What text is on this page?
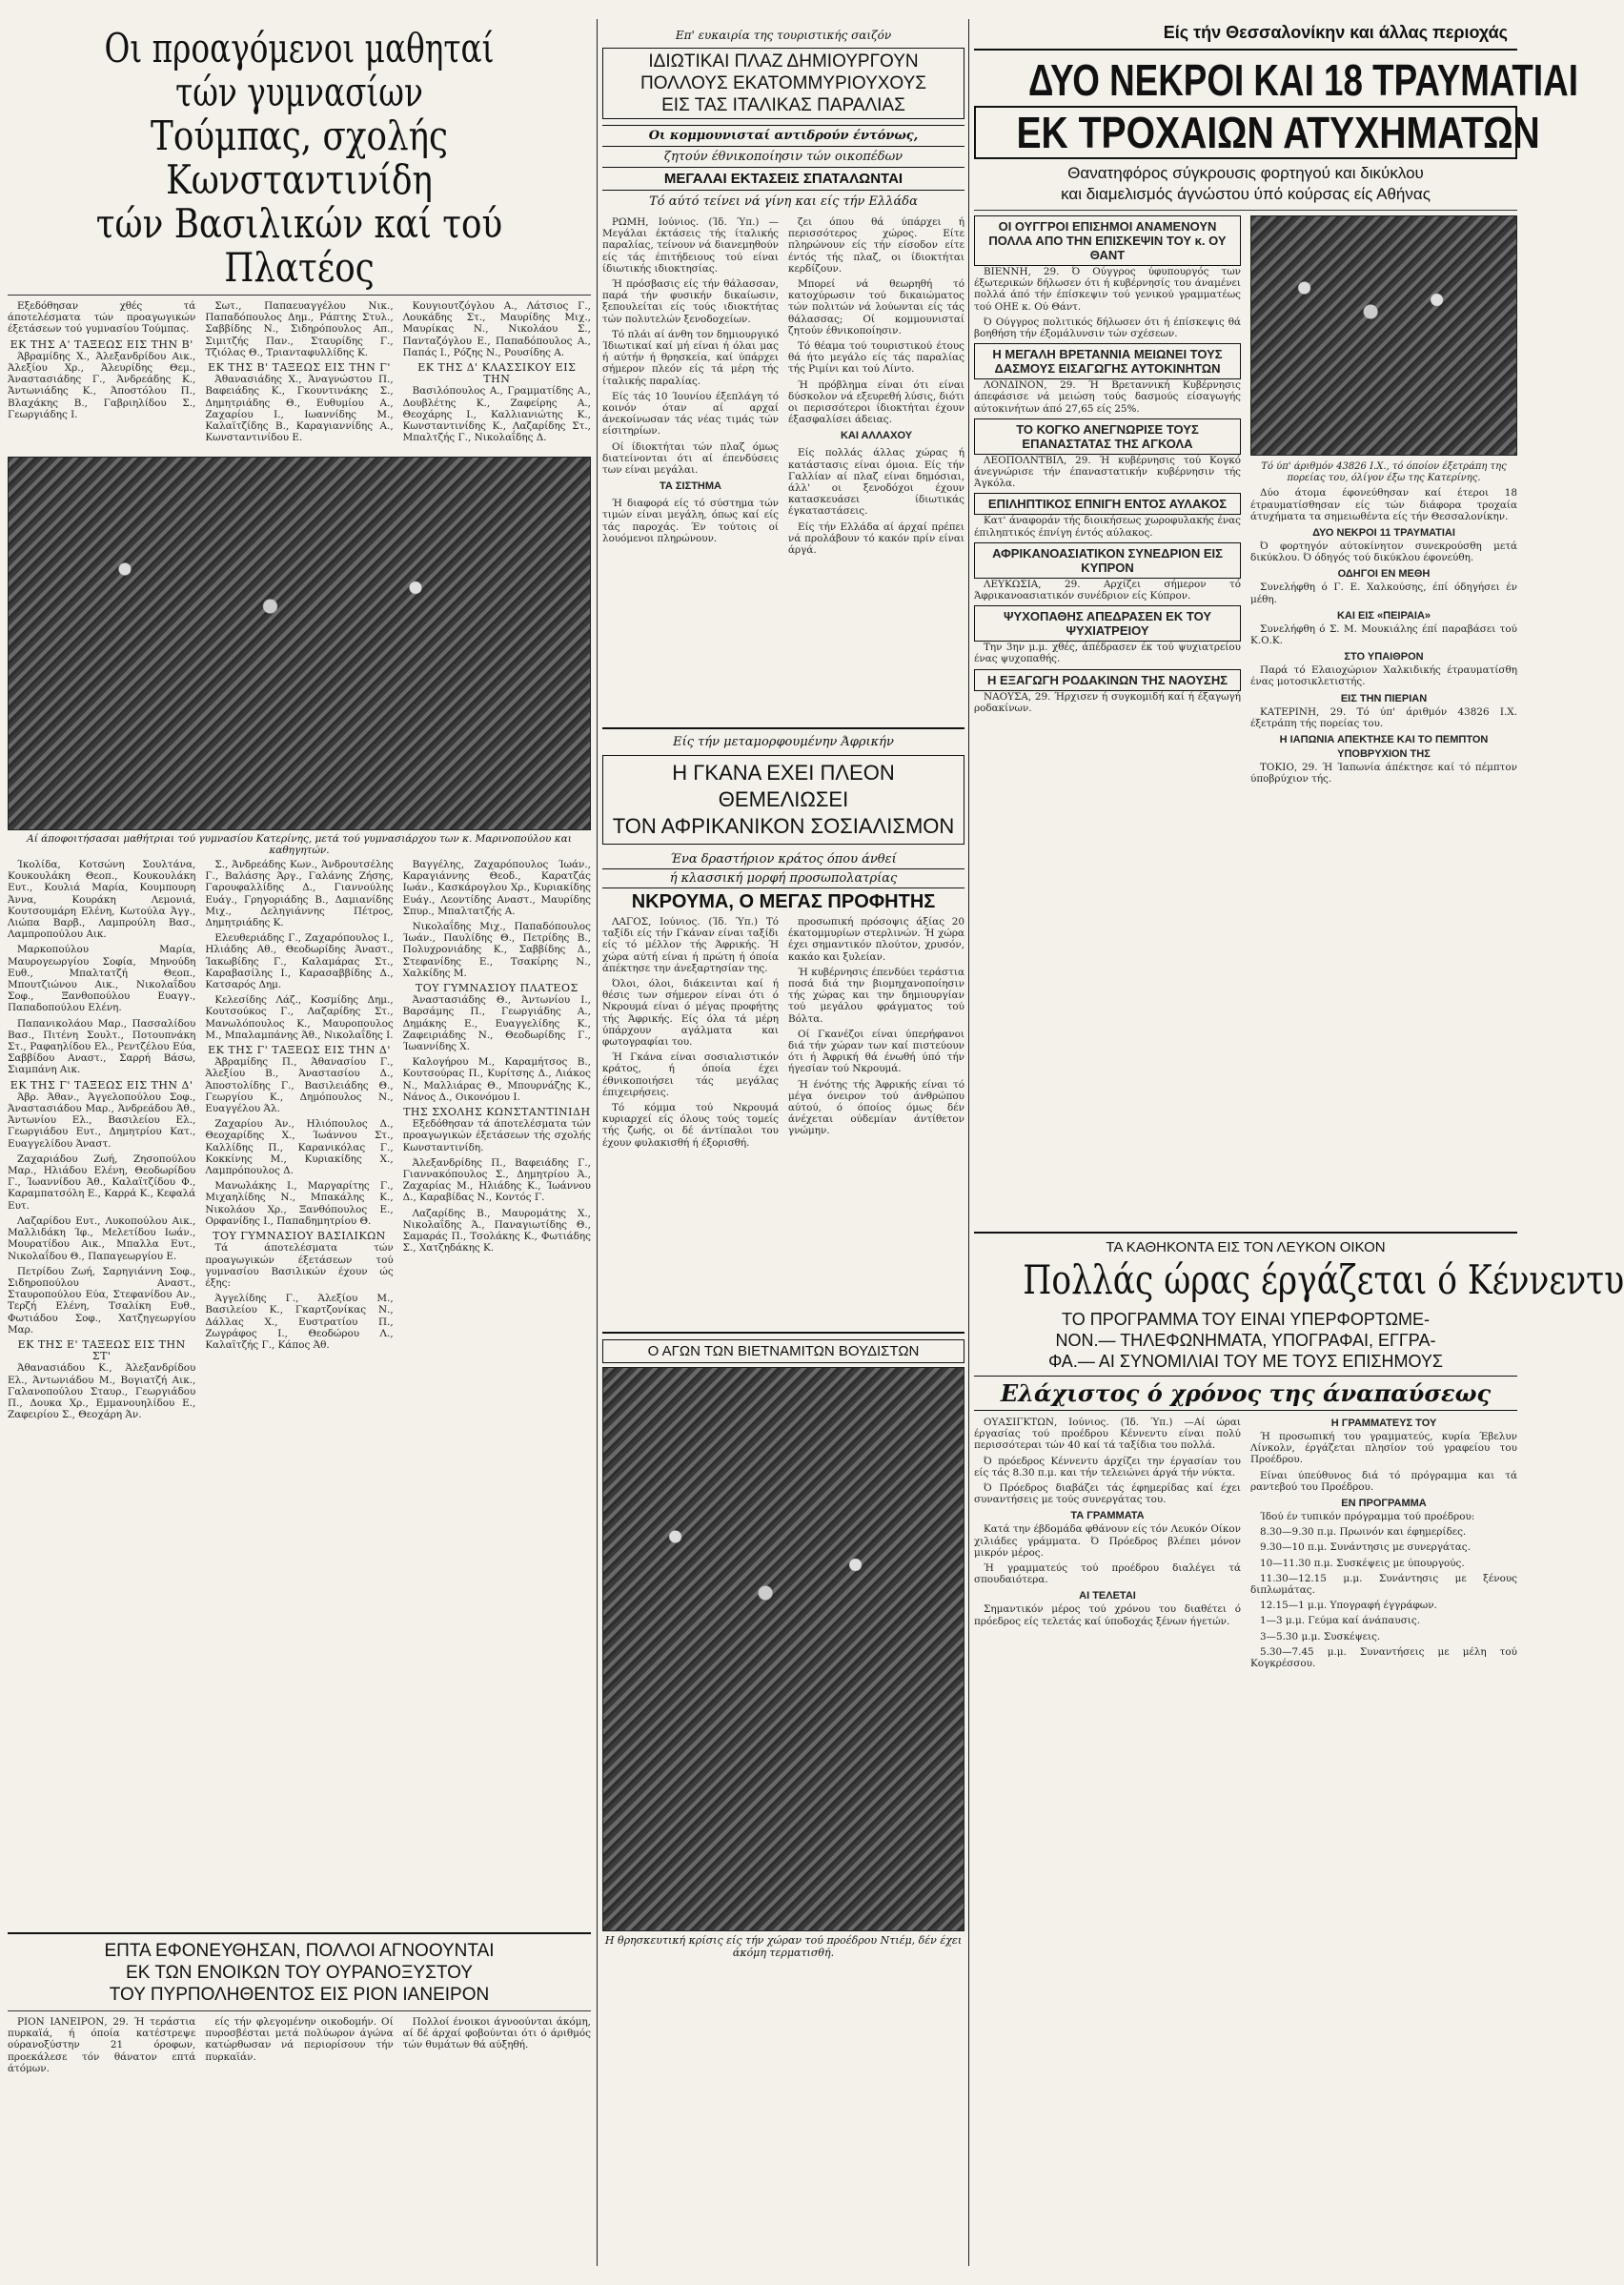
Οι προαγόμενοι μαθηταί τών γυμνασίων
Τούμπας, σχολής Κωνσταντινίδη
τών Βασιλικών καί τού Πλατέος

Εξεδόθησαν χθές τά άποτελέσματα τών προαγωγικών έξετάσεων τού γυμνασίου Τούμπας.

ΕΚ ΤΗΣ Α' ΤΑΞΕΩΣ ΕΙΣ ΤΗΝ Β'

Άβραμίδης Χ., Άλεξανδρίδου Αικ., Άλεξίου Χρ., Άλευρίδης Θεμ., Άναστασιάδης Γ., Άνδρεάδης Κ., Άντωνιάδης Κ., Άποστόλου Π., Βλαχάκης Β., Γαβριηλίδου Σ., Γεωργιάδης Ι.

Σωτ., Παπαευαγγέλου Νικ., Παπαδόπουλος Δημ., Ράπτης Στυλ., Σαββίδης Ν., Σιδηρόπουλος Απ., Σιμιτζής Παν., Σταυρίδης Γ., Τζιόλας Θ., Τριανταφυλλίδης Κ.

ΕΚ ΤΗΣ Β' ΤΑΞΕΩΣ ΕΙΣ ΤΗΝ Γ'

Άθανασιάδης Χ., Άναγνώστου Π., Βαφειάδης Κ., Γκουντινάκης Σ., Δημητριάδης Θ., Ευθυμίου Α., Ζαχαρίου Ι., Ιωαννίδης Μ., Καλαϊτζίδης Β., Καραγιαννίδης Α., Κωνσταντινίδου Ε.

Κουγιουτζόγλου Α., Λάτσιος Γ., Λουκάδης Στ., Μαυρίδης Μιχ., Μαυρίκας Ν., Νικολάου Σ., Πανταζόγλου Ε., Παπαδόπουλος Α., Παπάς Ι., Ρόζης Ν., Ρουσίδης Α.

ΕΚ ΤΗΣ Δ' ΚΛΑΣΣΙΚΟΥ ΕΙΣ ΤΗΝ

Βασιλόπουλος Α., Γραμματίδης Α., Δουβλέτης Κ., Ζαφείρης Α., Θεοχάρης Ι., Καλλιανιώτης Κ., Κωνσταντινίδης Κ., Λαζαρίδης Στ., Μπαλτζής Γ., Νικολαΐδης Δ.

Αί άποφοιτήσασαι μαθήτριαι τού γυμνασίου Κατερίνης, μετά τού γυμνασιάρχου των κ. Μαρινοπούλου και καθηγητών.

Ίκολίδα, Κοτσώνη Σουλτάνα, Κουκουλάκη Θεοπ., Κουκουλάκη Ευτ., Κουλιά Μαρία, Κουμπουρη Άννα, Κουράκη Λεμονιά, Κουτσουμάρη Ελένη, Κωτούλα Άγγ., Λιώπα Βαρβ., Λαμπρούλη Βασ., Λαμπροπούλου Αικ.

Μαρκοπούλου Μαρία, Μαυρογεωργίου Σοφία, Μηνούδη Ευθ., Μπαλτατζή Θεοπ., Μπουτζιώνου Αικ., Νικολαΐδου Σοφ., Ξανθοπούλου Ευαγγ., Παπαδοπούλου Ελένη.

Παπανικολάου Μαρ., Πασσαλίδου Βασ., Πιτένη Σουλτ., Ποτουπνάκη Στ., Ραφαηλίδου Ελ., Ρεντζέλου Εύα, Σαββίδου Αναστ., Σαρρή Βάσω, Σιαμπάνη Αικ.

ΕΚ ΤΗΣ Γ' ΤΑΞΕΩΣ ΕΙΣ ΤΗΝ Δ'

Άβρ. Άθαν., Άγγελοπούλου Σοφ., Άναστασιάδου Μαρ., Άνδρεάδου Άθ., Άντωνίου Ελ., Βασιλείου Ελ., Γεωργιάδου Ευτ., Δημητρίου Κατ., Ευαγγελίδου Άναστ.

Ζαχαριάδου Ζωή, Ζησοπούλου Μαρ., Ηλιάδου Ελένη, Θεοδωρίδου Γ., Ίωαννίδου Άθ., Καλαϊτζίδου Φ., Καραμπατσόλη Ε., Καρρά Κ., Κεφαλά Ευτ.

Λαζαρίδου Ευτ., Λυκοπούλου Αικ., Μαλλιδάκη Ίφ., Μελετίδου Ιωάν., Μουρατίδου Αικ., Μπαλλα Ευτ., Νικολαΐδου Θ., Παπαγεωργίου Ε.

Πετρίδου Ζωή, Σαρηγιάννη Σοφ., Σιδηροπούλου Αναστ., Σταυροπούλου Εύα, Στεφανίδου Αν., Τερζή Ελένη, Τσαλίκη Ευθ., Φωτιάδου Σοφ., Χατζηγεωργίου Μαρ.

ΕΚ ΤΗΣ Ε' ΤΑΞΕΩΣ ΕΙΣ ΤΗΝ ΣΤ'

Άθανασιάδου Κ., Άλεξανδρίδου Ελ., Άντωνιάδου Μ., Βογιατζή Αικ., Γαλανοπούλου Σταυρ., Γεωργιάδου Π., Δουκα Χρ., Εμμανουηλίδου Ε., Ζαφειρίου Σ., Θεοχάρη Άν.

Σ., Άνδρεάδης Κων., Άνδρουτσέλης Γ., Βαλάσης Άργ., Γαλάνης Ζήσης, Γαρουφαλλίδης Δ., Γιαννούλης Ευάγ., Γρηγοριάδης Β., Δαμιανίδης Μιχ., Δεληγιάννης Πέτρος, Δημητριάδης Κ.

Ελευθεριάδης Γ., Ζαχαρόπουλος Ι., Ηλιάδης Αθ., Θεοδωρίδης Άναστ., Ίακωβίδης Γ., Καλαμάρας Στ., Καραβασίλης Ι., Καρασαββίδης Δ., Κατσαρός Δημ.

Κελεσίδης Λάζ., Κοσμίδης Δημ., Κουτσούκος Γ., Λαζαρίδης Στ., Μανωλόπουλος Κ., Μαυροπουλος Μ., Μπαλαμπάνης Άθ., Νικολαΐδης Ι.

ΕΚ ΤΗΣ Γ' ΤΑΞΕΩΣ ΕΙΣ ΤΗΝ Δ'

Άβραμίδης Π., Άθανασίου Γ., Άλεξίου Β., Άναστασίου Δ., Άποστολίδης Γ., Βασιλειάδης Θ., Γεωργίου Κ., Δημόπουλος Ν., Ευαγγέλου Άλ.

Ζαχαρίου Άν., Ηλιόπουλος Δ., Θεοχαρίδης Χ., Ίωάννου Στ., Καλλίδης Π., Καρανικόλας Γ., Κοκκίνης Μ., Κυριακίδης Χ., Λαμπρόπουλος Δ.

Μανωλάκης Ι., Μαργαρίτης Γ., Μιχαηλίδης Ν., Μπακάλης Κ., Νικολάου Χρ., Ξανθόπουλος Ε., Ορφανίδης Ι., Παπαδημητρίου Θ.

ΤΟΥ ΓΥΜΝΑΣΙΟΥ ΒΑΣΙΛΙΚΩΝ

Τά άποτελέσματα τών προαγωγικών έξετάσεων τού γυμνασίου Βασιλικών έχουν ώς έξης:

Άγγελίδης Γ., Άλεξίου Μ., Βασιλείου Κ., Γκαρτζονίκας Ν., Δάλλας Χ., Ευστρατίου Π., Ζωγράφος Ι., Θεοδώρου Λ., Καλαϊτζής Γ., Κάπος Άθ.

Βαγγέλης, Ζαχαρόπουλος Ίωάν., Καραγιάννης Θεοδ., Καρατζάς Ιωάν., Κασκάρογλου Χρ., Κυριακίδης Ευάγ., Λεοντίδης Αναστ., Μαυρίδης Σπυρ., Μπαλτατζής Α.

Νικολαΐδης Μιχ., Παπαδόπουλος Ίωάν., Παυλίδης Θ., Πετρίδης Β., Πολυχρονιάδης Κ., Σαββίδης Δ., Στεφανίδης Ε., Τσακίρης Ν., Χαλκίδης Μ.

ΤΟΥ ΓΥΜΝΑΣΙΟΥ ΠΛΑΤΕΟΣ

Άναστασιάδης Θ., Άντωνίου Ι., Βαρσάμης Π., Γεωργιάδης Α., Δημάκης Ε., Ευαγγελίδης Κ., Ζαφειριάδης Ν., Θεοδωρίδης Γ., Ίωαννίδης Χ.

Καλογήρου Μ., Καραμήτσος Β., Κουτσούρας Π., Κυρίτσης Δ., Λιάκος Ν., Μαλλιάρας Θ., Μπουρνάζης Κ., Νάνος Δ., Οικονόμου Ι.

ΤΗΣ ΣΧΟΛΗΣ ΚΩΝΣΤΑΝΤΙΝΙΔΗ

Εξεδόθησαν τά άποτελέσματα τών προαγωγικών έξετάσεων τής σχολής Κωνσταντινίδη.

Άλεξανδρίδης Π., Βαφειάδης Γ., Γιαννακόπουλος Σ., Δημητρίου Ά., Ζαχαρίας Μ., Ηλιάδης Κ., Ίωάννου Δ., Καραβίδας Ν., Κοντός Γ.

Λαζαρίδης Β., Μαυρομάτης Χ., Νικολαΐδης Ά., Παναγιωτίδης Θ., Σαμαράς Π., Τσολάκης Κ., Φωτιάδης Σ., Χατζηδάκης Κ.

ΕΠΤΑ ΕΦΟΝΕΥΘΗΣΑΝ, ΠΟΛΛΟΙ ΑΓΝΟΟΥΝΤΑΙ
ΕΚ ΤΩΝ ΕΝΟΙΚΩΝ ΤΟΥ ΟΥΡΑΝΟΞΥΣΤΟΥ
ΤΟΥ ΠΥΡΠΟΛΗΘΕΝΤΟΣ ΕΙΣ ΡΙΟΝ ΙΑΝΕΙΡΟΝ

ΡΙΟΝ ΙΑΝΕΙΡΟΝ, 29. Ή τεράστια πυρκαϊά, ή όποία κατέστρεψε ούρανοξύστην 21 όροφων, προεκάλεσε τόν θάνατον επτά άτόμων.

είς τήν φλεγομένην οικοδομήν. Οί πυροσβέσται μετά πολύωρον άγώνα κατώρθωσαν νά περιορίσουν τήν πυρκαϊάν.

Πολλοί ένοικοι άγνοούνται άκόμη, αί δέ άρχαί φοβούνται ότι ό άριθμός τών θυμάτων θά αύξηθή.

Επ' ευκαιρία της τουριστικής σαιζόν
ΙΔΙΩΤΙΚΑΙ ΠΛΑΖ ΔΗΜΙΟΥΡΓΟΥΝ
ΠΟΛΛΟΥΣ ΕΚΑΤΟΜΜΥΡΙΟΥΧΟΥΣ
ΕΙΣ ΤΑΣ ΙΤΑΛΙΚΑΣ ΠΑΡΑΛΙΑΣ
Οι κομμουνισταί αντιδρούν έντόνως,
ζητούν έθνικοποίησιν τών οικοπέδων
ΜΕΓΑΛΑΙ ΕΚΤΑΣΕΙΣ ΣΠΑΤΑΛΩΝΤΑΙ
Τό αύτό τείνει νά γίνη και είς τήν Ελλάδα

ΡΩΜΗ, Ιούνιος. (Ίδ. Ύπ.) —Μεγάλαι έκτάσεις τής ίταλικής παραλίας, τείνουν νά διανεμηθούν είς τάς έπιτήδειους τού είναι ίδιωτικής ιδιοκτησίας.

Ή πρόσβασις είς τήν θάλασσαν, παρά τήν φυσικήν δικαίωσιν, ξεπουλείται είς τούς ιδιοκτήτας τών πολυτελών ξενοδοχείων.

Τό πλάι αί άνθη τον δημιουργικό Ίδιωτικαί καί μή είναι ή όλαι μας ή αύτήν ή θρησκεία, καί ύπάρχει σήμερον πλεόν είς τά μέρη τής ίταλικής παραλίας.

Είς τάς 10 Ίουνίου έξεπλάγη τό κοινόν όταν αί αρχαί άνεκοίνωσαν τάς νέας τιμάς τών είσιτηρίων.

Οί ίδιοκτήται τών πλαζ όμως διατείνονται ότι αί έπενδύσεις των είναι μεγάλαι.

ΤΑ ΣΙΣΤΗΜΑ

Ή διαφορά είς τό σύστημα τών τιμών είναι μεγάλη, όπως καί είς τάς παροχάς. Έν τούτοις οί λουόμενοι πληρώνουν.

ζει όπου θά ύπάρχει ή περισσότερος χώρος. Είτε πληρώνουν είς τήν είσοδον είτε έντός τής πλαζ, οι ίδιοκτήται κερδίζουν.

Μπορεί νά θεωρηθή τό κατοχύρωσιν τού δικαιώματος τών πολιτών νά λούωνται είς τάς θάλασσας; Οί κομμουνισταί ζητούν έθνικοποίησιν.

Τό θέαμα τού τουριστικού έτους θά ήτο μεγάλο είς τάς παραλίας τής Ριμίνι και τού Λίντο.

Ή πρόβλημα είναι ότι είναι δύσκολον νά εξευρεθή λύσις, διότι οι περισσότεροι ίδιοκτήται έχουν έξασφαλίσει άδειας.

ΚΑΙ ΑΛΛΑΧΟΥ

Είς πολλάς άλλας χώρας ή κατάστασις είναι όμοια. Είς τήν Γαλλίαν αί πλαζ είναι δημόσιαι, άλλ' οι ξενοδόχοι έχουν κατασκευάσει ίδιωτικάς έγκαταστάσεις.

Είς τήν Ελλάδα αί άρχαί πρέπει νά προλάβουν τό κακόν πρίν είναι άργά.

Είς τήν μεταμορφουμένην Άφρικήν
Η ΓΚΑΝΑ ΕΧΕΙ ΠΛΕΟΝ ΘΕΜΕΛΙΩΣΕΙ
ΤΟΝ ΑΦΡΙΚΑΝΙΚΟΝ ΣΟΣΙΑΛΙΣΜΟΝ
Ένα δραστήριον κράτος όπου άνθεί
ή κλασσική μορφή προσωπολατρίας
ΝΚΡΟΥΜΑ, Ο ΜΕΓΑΣ ΠΡΟΦΗΤΗΣ

ΛΑΓΟΣ, Ιούνιος. (Ίδ. Ύπ.) Τό ταξίδι είς τήν Γκάναν είναι ταξίδι είς τό μέλλον τής Άφρικής. Ή χώρα αύτή είναι ή πρώτη ή όποία άπέκτησε την άνεξαρτησίαν της.

Όλοι, όλοι, διάκεινται καί ή θέσις των σήμερον είναι ότι ό Νκρουμά είναι ό μέγας προφήτης τής Άφρικής. Είς όλα τά μέρη ύπάρχουν αγάλματα και φωτογραφίαι του.

Ή Γκάνα είναι σοσιαλιστικόν κράτος, ή όποία έχει έθνικοποιήσει τάς μεγάλας έπιχειρήσεις.

Τό κόμμα τού Νκρουμά κυριαρχεί είς όλους τούς τομείς τής ζωής, οι δέ άντίπαλοι του έχουν φυλακισθή ή έξορισθή.

προσωπική πρόσοψις άξίας 20 έκατομμυρίων στερλινών. Ή χώρα έχει σημαντικόν πλούτον, χρυσόν, κακάο και ξυλείαν.

Ή κυβέρνησις έπενδύει τεράστια ποσά διά την βιομηχανοποίησιν τής χώρας και την δημιουργίαν τού μεγάλου φράγματος τού Βόλτα.

Οί Γκανέζοι είναι ύπερήφανοι διά τήν χώραν των καί πιστεύουν ότι ή Άφρική θά ένωθή ύπό τήν ήγεσίαν τού Νκρουμά.

Ή ένότης τής Άφρικής είναι τό μέγα όνειρον τού άνθρώπου αύτού, ό όποίος όμως δέν άνέχεται ούδεμίαν άντίθετον γνώμην.

Ο ΑΓΩΝ ΤΩΝ ΒΙΕΤΝΑΜΙΤΩΝ ΒΟΥΔΙΣΤΩΝ
Η θρησκευτική κρίσις είς τήν χώραν τού προέδρου Ντιέμ, δέν έχει άκόμη τερματισθή.
Είς τήν Θεσσαλονίκην και άλλας περιοχάς
ΔΥΟ ΝΕΚΡΟΙ ΚΑΙ 18 ΤΡΑΥΜΑΤΙΑΙ
ΕΚ ΤΡΟΧΑΙΩΝ ΑΤΥΧΗΜΑΤΩΝ
Θανατηφόρος σύγκρουσις φορτηγού και δικύκλου
και διαμελισμός άγνώστου ύπό κούρσας είς Αθήνας
ΟΙ ΟΥΓΓΡΟΙ ΕΠΙΣΗΜΟΙ ΑΝΑΜΕΝΟΥΝ ΠΟΛΛΑ ΑΠΟ ΤΗΝ ΕΠΙΣΚΕΨΙΝ ΤΟΥ κ. ΟΥ ΘΑΝΤ

ΒΙΕΝΝΗ, 29. Ό Ούγγρος ύφυπουργός των έξωτερικών δήλωσεν ότι ή κυβέρνησίς του άναμένει πολλά άπό τήν έπίσκεψιν τού γενικού γραμματέως τού ΟΗΕ κ. Ού Θάντ.

Ό Ούγγρος πολιτικός δήλωσεν ότι ή έπίσκεψις θά βοηθήση τήν έξομάλυνσιν τών σχέσεων.

Η ΜΕΓΑΛΗ ΒΡΕΤΑΝΝΙΑ ΜΕΙΩΝΕΙ ΤΟΥΣ ΔΑΣΜΟΥΣ ΕΙΣΑΓΩΓΗΣ ΑΥΤΟΚΙΝΗΤΩΝ

ΛΟΝΔΙΝΟΝ, 29. Ή Βρεταννική Κυβέρνησις άπεφάσισε νά μειώση τούς δασμούς είσαγωγής αύτοκινήτων άπό 27,65 είς 25%.

ΤΟ ΚΟΓΚΟ ΑΝΕΓΝΩΡΙΣΕ ΤΟΥΣ ΕΠΑΝΑΣΤΑΤΑΣ ΤΗΣ ΑΓΚΟΛΑ

ΛΕΟΠΟΛΝΤΒΙΛ, 29. Ή κυβέρνησις τού Κογκό άνεγνώρισε τήν έπαναστατικήν κυβέρνησιν τής Άγκόλα.

ΕΠΙΛΗΠΤΙΚΟΣ ΕΠΝΙΓΗ ΕΝΤΟΣ ΑΥΛΑΚΟΣ

Κατ' άναφοράν τής διοικήσεως χωροφυλακής ένας έπιληπτικός έπνίγη έντός αύλακος.

ΑΦΡΙΚΑΝΟΑΣΙΑΤΙΚΟΝ ΣΥΝΕΔΡΙΟΝ ΕΙΣ ΚΥΠΡΟΝ

ΛΕΥΚΩΣΙΑ, 29. Αρχίζει σήμερον τό Άφρικανοασιατικόν συνέδριον είς Κύπρον.

ΨΥΧΟΠΑΘΗΣ ΑΠΕΔΡΑΣΕΝ ΕΚ ΤΟΥ ΨΥΧΙΑΤΡΕΙΟΥ

Την 3ην μ.μ. χθές, άπέδρασεν έκ τού ψυχιατρείου ένας ψυχοπαθής.

Η ΕΞΑΓΩΓΗ ΡΟΔΑΚΙΝΩΝ ΤΗΣ ΝΑΟΥΣΗΣ

ΝΑΟΥΣΑ, 29. Ήρχισεν ή συγκομιδή καί ή έξαγωγή ροδακίνων.

Τό ύπ' άριθμόν 43826 Ι.Χ., τό όποίον έξετράπη της πορείας του, όλίγον έξω της Κατερίνης.

Δύο άτομα έφονεύθησαν καί έτεροι 18 έτραυματίσθησαν είς τών διάφορα τροχαία άτυχήματα τα σημειωθέντα είς τήν Θεσσαλονίκην.

ΔΥΟ ΝΕΚΡΟΙ 11 ΤΡΑΥΜΑΤΙΑΙ

Ό φορτηγόν αύτοκίνητον συνεκρούσθη μετά δικύκλου. Ό όδηγός τού δικύκλου έφονεύθη.

ΟΔΗΓΟΙ ΕΝ ΜΕΘΗ

Συνελήφθη ό Γ. Ε. Χαλκούσης, έπί όδηγήσει έν μέθη.

ΚΑΙ ΕΙΣ «ΠΕΙΡΑΙΑ»

Συνελήφθη ό Σ. Μ. Μουκιάλης έπί παραβάσει τού Κ.Ο.Κ.

ΣΤΟ ΥΠΑΙΘΡΟΝ

Παρά τό Ελαιοχώριον Χαλκιδικής έτραυματίσθη ένας μοτοσικλετιστής.

ΕΙΣ ΤΗΝ ΠΙΕΡΙΑΝ

ΚΑΤΕΡΙΝΗ, 29. Τό ύπ' άριθμόν 43826 Ι.Χ. έξετράπη τής πορείας του.

Η ΙΑΠΩΝΙΑ ΑΠΕΚΤΗΣΕ ΚΑΙ ΤΟ ΠΕΜΠΤΟΝ ΥΠΟΒΡΥΧΙΟΝ ΤΗΣ

ΤΟΚΙΟ, 29. Ή Ίαπωνία άπέκτησε καί τό πέμπτον ύποβρύχιον τής.

ΤΑ ΚΑΘΗΚΟΝΤΑ ΕΙΣ ΤΟΝ ΛΕΥΚΟΝ ΟΙΚΟΝ
Πολλάς ώρας έργάζεται ό Κέννεντυ
ΤΟ ΠΡΟΓΡΑΜΜΑ ΤΟΥ ΕΙΝΑΙ ΥΠΕΡΦΟΡΤΩΜΕ-
ΝΟΝ.— ΤΗΛΕΦΩΝΗΜΑΤΑ, ΥΠΟΓΡΑΦΑΙ, ΕΓΓΡΑ-
ΦΑ.— ΑΙ ΣΥΝΟΜΙΛΙΑΙ ΤΟΥ ΜΕ ΤΟΥΣ ΕΠΙΣΗΜΟΥΣ
Ελάχιστος ό χρόνος της άναπαύσεως

ΟΥΑΣΙΓΚΤΩΝ, Ιούνιος. (Ίδ. Ύπ.) —Αί ώραι έργασίας τού προέδρου Κέννεντυ είναι πολύ περισσότεραι τών 40 καί τά ταξίδια του πολλά.

Ό πρόεδρος Κέννεντυ άρχίζει την έργασίαν του είς τάς 8.30 π.μ. και τήν τελειώνει άργά τήν νύκτα.

Ό Πρόεδρος διαβάζει τάς έφημερίδας καί έχει συναντήσεις με τούς συνεργάτας του.

ΤΑ ΓΡΑΜΜΑΤΑ

Κατά την έβδομάδα φθάνουν είς τόν Λευκόν Οίκον χιλιάδες γράμματα. Ό Πρόεδρος βλέπει μόνον μικρόν μέρος.

Ή γραμματεύς τού προέδρου διαλέγει τά σπουδαιότερα.

ΑΙ ΤΕΛΕΤΑΙ

Σημαντικόν μέρος τού χρόνου του διαθέτει ό πρόεδρος είς τελετάς καί ύποδοχάς ξένων ήγετών.

Η ΓΡΑΜΜΑΤΕΥΣ ΤΟΥ

Ή προσωπική του γραμματεύς, κυρία Έβελυν Λίνκολν, έργάζεται πλησίον τού γραφείου του Προέδρου.

Είναι ύπεύθυνος διά τό πρόγραμμα και τά ραντεβού του Προέδρου.

ΕΝ ΠΡΟΓΡΑΜΜΑ

Ίδού έν τυπικόν πρόγραμμα τού προέδρου:

8.30—9.30 π.μ. Πρωινόν και έφημερίδες.

9.30—10 π.μ. Συνάντησις με συνεργάτας.

10—11.30 π.μ. Συσκέψεις με ύπουργούς.

11.30—12.15 μ.μ. Συνάντησις με ξένους διπλωμάτας.

12.15—1 μ.μ. Υπογραφή έγγράφων.

1—3 μ.μ. Γεύμα καί άνάπαυσις.

3—5.30 μ.μ. Συσκέψεις.

5.30—7.45 μ.μ. Συναντήσεις με μέλη τού Κογκρέσσου.
